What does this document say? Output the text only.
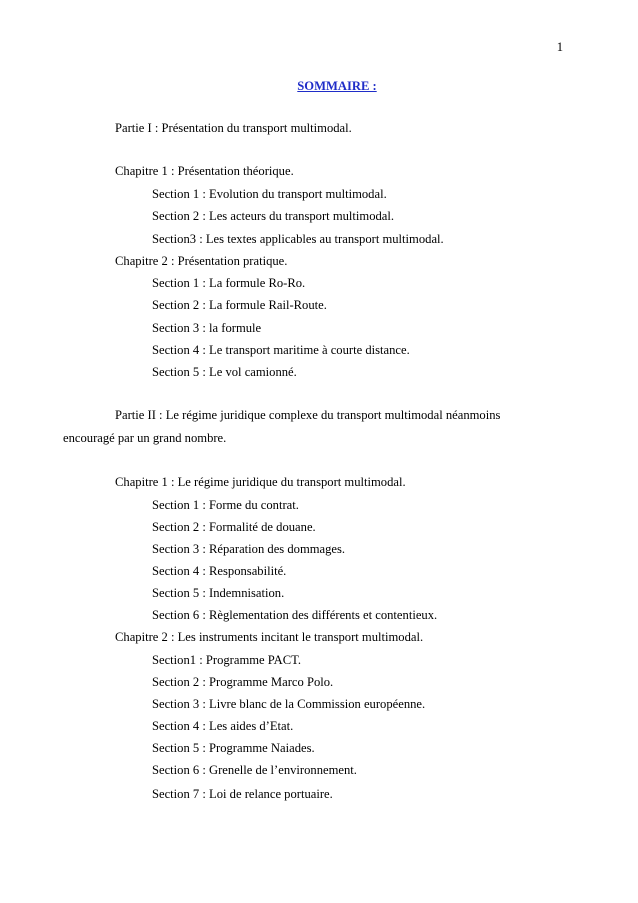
1
SOMMAIRE :
Partie I : Présentation du transport multimodal.
Chapitre 1 : Présentation théorique.
Section 1 : Evolution du transport multimodal.
Section 2 : Les acteurs du transport multimodal.
Section3 : Les textes applicables au transport multimodal.
Chapitre 2 : Présentation pratique.
Section 1 : La formule Ro-Ro.
Section 2 : La formule Rail-Route.
Section 3 : la formule
Section 4 : Le transport maritime à courte distance.
Section 5 : Le vol camionné.
Partie II : Le régime juridique complexe du transport multimodal néanmoins
encouragé par un grand nombre.
Chapitre 1 : Le régime juridique du transport multimodal.
Section 1 : Forme du contrat.
Section 2 : Formalité de douane.
Section 3 : Réparation des dommages.
Section 4 : Responsabilité.
Section 5 : Indemnisation.
Section 6 : Règlementation des différents et contentieux.
Chapitre 2 : Les instruments incitant le transport multimodal.
Section1 : Programme PACT.
Section 2 : Programme Marco Polo.
Section 3 : Livre blanc de la Commission européenne.
Section 4 : Les aides d’Etat.
Section 5 : Programme Naiades.
Section 6 : Grenelle de l’environnement.
Section 7 : Loi de relance portuaire.
